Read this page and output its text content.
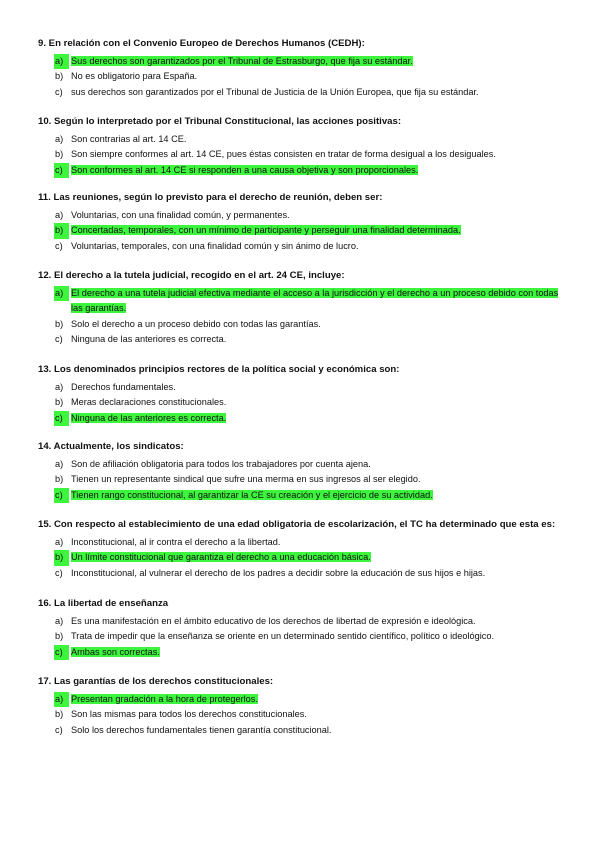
9. En relación con el Convenio Europeo de Derechos Humanos (CEDH):
a) Sus derechos son garantizados por el Tribunal de Estrasburgo, que fija su estándar.
b) No es obligatorio para España.
c) sus derechos son garantizados por el Tribunal de Justicia de la Unión Europea, que fija su estándar.
10. Según lo interpretado por el Tribunal Constitucional, las acciones positivas:
a) Son contrarias al art. 14 CE.
b) Son siempre conformes al art. 14 CE, pues éstas consisten en tratar de forma desigual a los desiguales.
c) Son conformes al art. 14 CE si responden a una causa objetiva y son proporcionales.
11. Las reuniones, según lo previsto para el derecho de reunión, deben ser:
a) Voluntarias, con una finalidad común, y permanentes.
b) Concertadas, temporales, con un mínimo de participante y perseguir una finalidad determinada.
c) Voluntarias, temporales, con una finalidad común y sin ánimo de lucro.
12. El derecho a la tutela judicial, recogido en el art. 24 CE, incluye:
a) El derecho a una tutela judicial efectiva mediante el acceso a la jurisdicción y el derecho a un proceso debido con todas las garantías.
b) Solo el derecho a un proceso debido con todas las garantías.
c) Ninguna de las anteriores es correcta.
13. Los denominados principios rectores de la política social y económica son:
a) Derechos fundamentales.
b) Meras declaraciones constitucionales.
c) Ninguna de las anteriores es correcta.
14. Actualmente, los sindicatos:
a) Son de afiliación obligatoria para todos los trabajadores por cuenta ajena.
b) Tienen un representante sindical que sufre una merma en sus ingresos al ser elegido.
c) Tienen rango constitucional, al garantizar la CE su creación y el ejercicio de su actividad.
15. Con respecto al establecimiento de una edad obligatoria de escolarización, el TC ha determinado que esta es:
a) Inconstitucional, al ir contra el derecho a la libertad.
b) Un límite constitucional que garantiza el derecho a una educación básica.
c) Inconstitucional, al vulnerar el derecho de los padres a decidir sobre la educación de sus hijos e hijas.
16. La libertad de enseñanza
a) Es una manifestación en el ámbito educativo de los derechos de libertad de expresión e ideológica.
b) Trata de impedir que la enseñanza se oriente en un determinado sentido científico, político o ideológico.
c) Ambas son correctas.
17. Las garantías de los derechos constitucionales:
a) Presentan gradación a la hora de protegerlos.
b) Son las mismas para todos los derechos constitucionales.
c) Solo los derechos fundamentales tienen garantía constitucional.
